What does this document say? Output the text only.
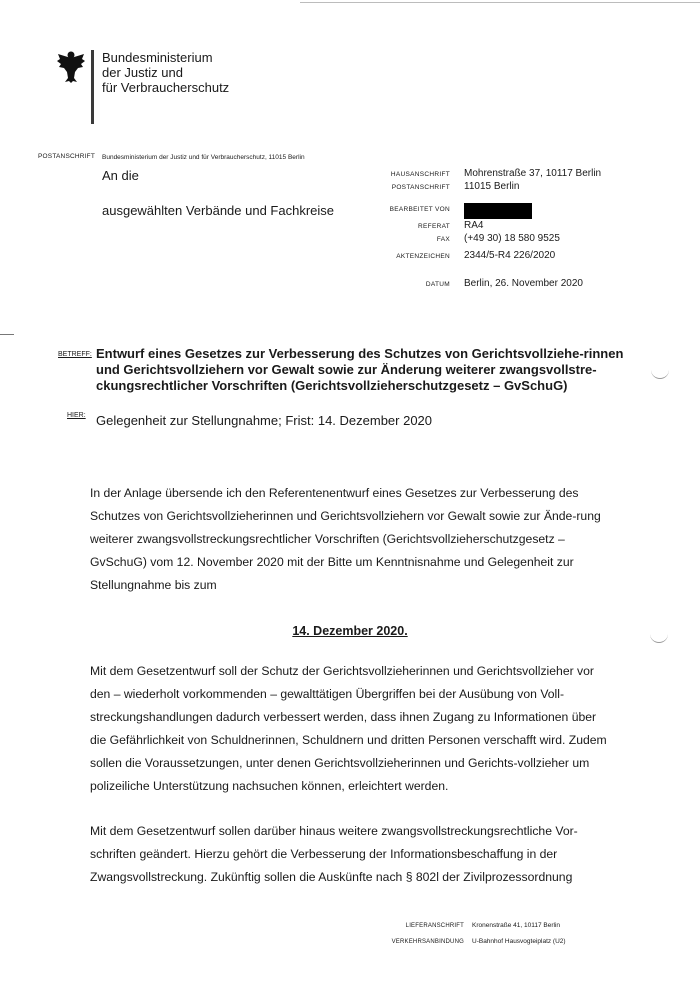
Bundesministerium
der Justiz und
für Verbraucherschutz
POSTANSCHRIFT Bundesministerium der Justiz und für Verbraucherschutz, 11015 Berlin
An die
ausgewählten Verbände und Fachkreise
HAUSANSCHRIFT	Mohrenstraße 37, 10117 Berlin
POSTANSCHRIFT	11015 Berlin
BEARBEITET VON
REFERAT	RA4
FAX	(+49 30) 18 580 9525
AKTENZEICHEN	2344/5-R4 226/2020
DATUM	Berlin, 26. November 2020
BETREFF: Entwurf eines Gesetzes zur Verbesserung des Schutzes von Gerichtsvollziehe-rinnen und Gerichtsvollziehern vor Gewalt sowie zur Änderung weiterer zwangsvollstre-ckungsrechtlicher Vorschriften (Gerichtsvollzieherschutzgesetz – GvSchuG)
HIER: Gelegenheit zur Stellungnahme; Frist: 14. Dezember 2020
In der Anlage übersende ich den Referentenentwurf eines Gesetzes zur Verbesserung des Schutzes von Gerichtsvollzieherinnen und Gerichtsvollziehern vor Gewalt sowie zur Ände-rung weiterer zwangsvollstreckungsrechtlicher Vorschriften (Gerichtsvollzieherschutzgesetz – GvSchuG) vom 12. November 2020 mit der Bitte um Kenntnisnahme und Gelegenheit zur Stellungnahme bis zum
14. Dezember 2020.
Mit dem Gesetzentwurf soll der Schutz der Gerichtsvollzieherinnen und Gerichtsvollzieher vor den – wiederholt vorkommenden – gewalttätigen Übergriffen bei der Ausübung von Voll-streckungshandlungen dadurch verbessert werden, dass ihnen Zugang zu Informationen über die Gefährlichkeit von Schuldnerinnen, Schuldnern und dritten Personen verschafft wird. Zudem sollen die Voraussetzungen, unter denen Gerichtsvollzieherinnen und Gerichts-vollzieher um polizeiliche Unterstützung nachsuchen können, erleichtert werden.
Mit dem Gesetzentwurf sollen darüber hinaus weitere zwangsvollstreckungsrechtliche Vor-schriften geändert. Hierzu gehört die Verbesserung der Informationsbeschaffung in der Zwangsvollstreckung. Zukünftig sollen die Auskünfte nach § 802l der Zivilprozessordnung
LIEFERANSCHRIFT	Kronenstraße 41, 10117 Berlin
VERKEHRSANBINDUNG	U-Bahnhof Hausvogteiplatz (U2)
